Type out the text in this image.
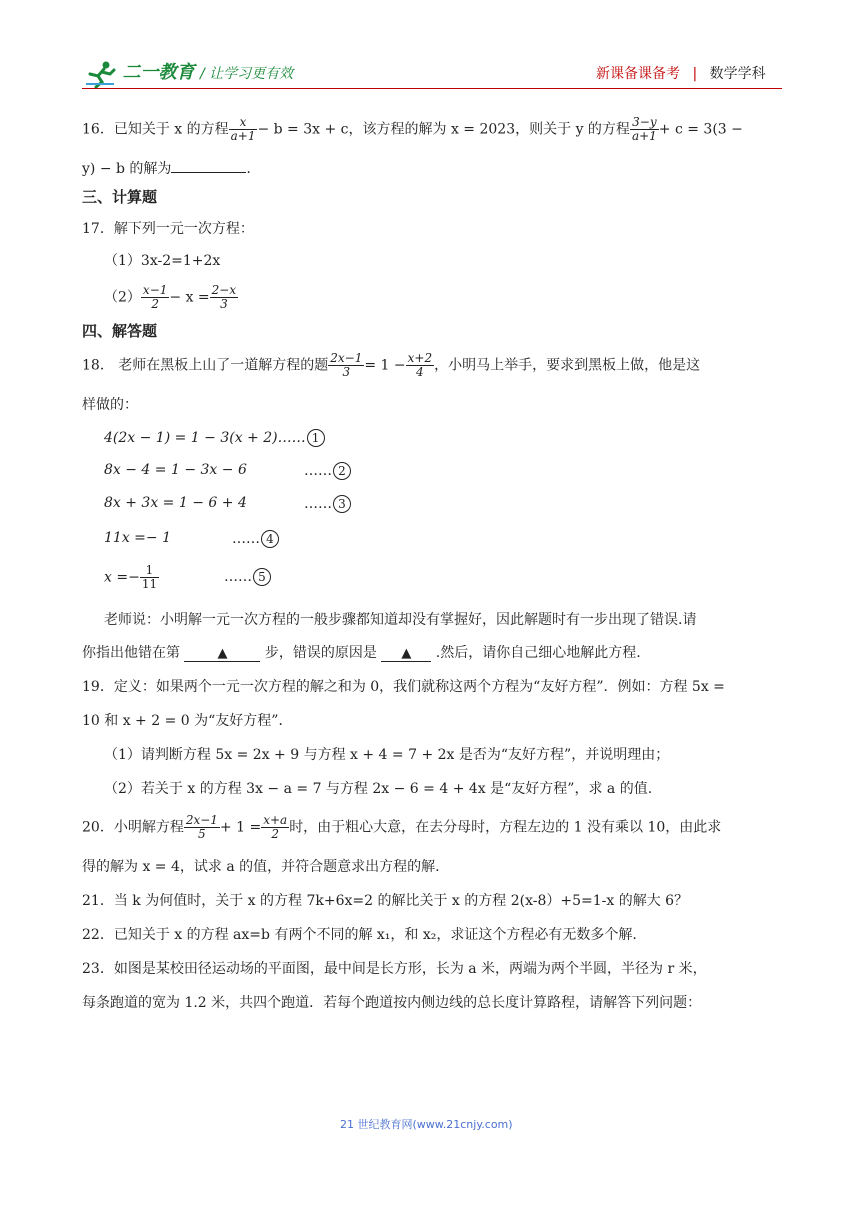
二一教育 / 让学习更有效	新课备课备考 | 数学学科
16．已知关于 x 的方程 $\frac{x}{a+1} - b = 3x + c$，该方程的解为 x = 2023，则关于 y 的方程 $\frac{3-y}{a+1} + c = 3(3$ −
y) − b 的解为	.
三、计算题
17．解下列一元一次方程：
（1）3x-2=1+2x
$(2) \frac{x-1}{2} - x = \frac{2-x}{3}$
四、解答题
18． 老师在黑板上山了一道解方程的题 $\frac{2x-1}{3} = 1 - \frac{x+2}{4}$ ，小明马上举手，要求到黑板上做，他是这
样做的：
4(2x − 1) = 1 − 3(x + 2)…… 1
8x − 4 = 1 − 3x − 6	…… 2
8x + 3x = 1 − 6 + 4	…… 3
11x =− 1	…… 4
$x =- \frac{1}{11}$	…… 5
老师说：小明解一元一次方程的一般步骤都知道却没有掌握好，因此解题时有一步出现了错误.请
你指出他错在第	▲ 步，错误的原因是 ▲ .然后，请你自己细心地解此方程.
19．定义：如果两个一元一次方程的解之和为 0，我们就称这两个方程为“友好方程”．例如：方程 5x =
10 和 x + 2 = 0 为“友好方程”．
（1）请判断方程 5x = 2x + 9 与方程 x + 4 = 7 + 2x 是否为“友好方程”，并说明理由；
（2）若关于 x 的方程 3x − a = 7 与方程 2x − 6 = 4 + 4x 是“友好方程”，求 a 的值.
20．小明解方程 $\frac{2x-1}{5} + 1 = \frac{x+a}{2}$ 时，由于粗心大意，在去分母时，方程左边的 1 没有乘以 10，由此求
得的解为 x = 4，试求 a 的值，并符合题意求出方程的解.
21．当 k 为何值时，关于 x 的方程 7k+6x=2 的解比关于 x 的方程 2(x-8）+5=1-x 的解大 6？
22．已知关于 x 的方程 ax=b 有两个不同的解 x₁，和 x₂，求证这个方程必有无数多个解.
23．如图是某校田径运动场的平面图，最中间是长方形，长为 a 米，两端为两个半圆，半径为 r 米，
每条跑道的宽为 1.2 米，共四个跑道．若每个跑道按内侧边线的总长度计算路程，请解答下列问题：
21 世纪教育网(www.21cnjy.com)
